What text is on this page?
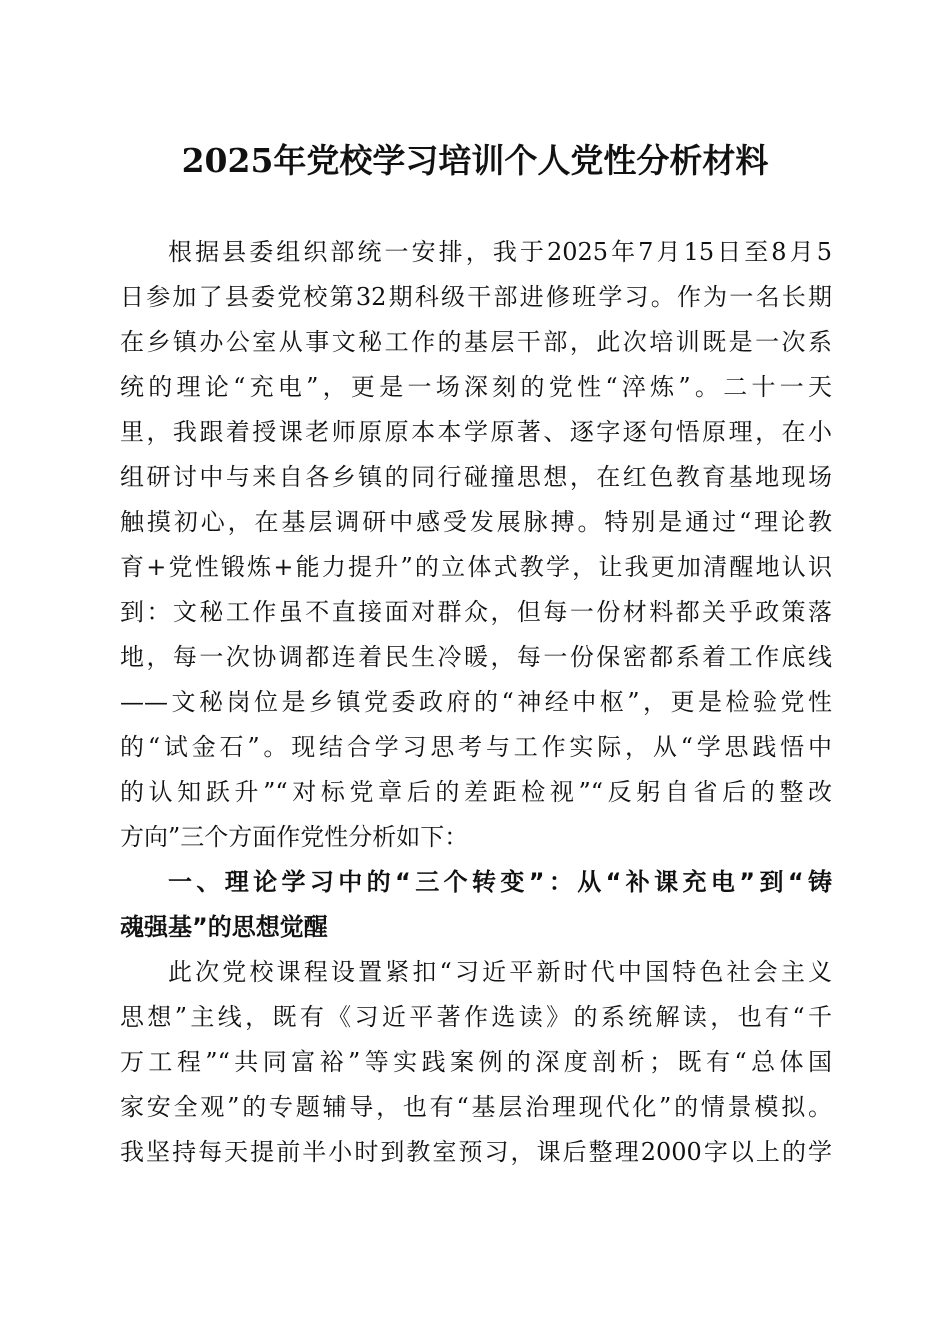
2025年党校学习培训个人党性分析材料
根据县委组织部统一安排，我于2025年7月15日至8月5
日参加了县委党校第32期科级干部进修班学习。作为一名长期
在乡镇办公室从事文秘工作的基层干部，此次培训既是一次系
统的理论“充电”，更是一场深刻的党性“淬炼”。二十一天
里，我跟着授课老师原原本本学原著、逐字逐句悟原理，在小
组研讨中与来自各乡镇的同行碰撞思想，在红色教育基地现场
触摸初心，在基层调研中感受发展脉搏。特别是通过“理论教
育+党性锻炼+能力提升”的立体式教学，让我更加清醒地认识
到：文秘工作虽不直接面对群众，但每一份材料都关乎政策落
地，每一次协调都连着民生冷暖，每一份保密都系着工作底线
——文秘岗位是乡镇党委政府的“神经中枢”，更是检验党性
的“试金石”。现结合学习思考与工作实际，从“学思践悟中
的认知跃升”“对标党章后的差距检视”“反躬自省后的整改
方向”三个方面作党性分析如下：
一、理论学习中的“三个转变”：从“补课充电”到“铸
魂强基”的思想觉醒
此次党校课程设置紧扣“习近平新时代中国特色社会主义
思想”主线，既有《习近平著作选读》的系统解读，也有“千
万工程”“共同富裕”等实践案例的深度剖析；既有“总体国
家安全观”的专题辅导，也有“基层治理现代化”的情景模拟。
我坚持每天提前半小时到教室预习，课后整理2000字以上的学
